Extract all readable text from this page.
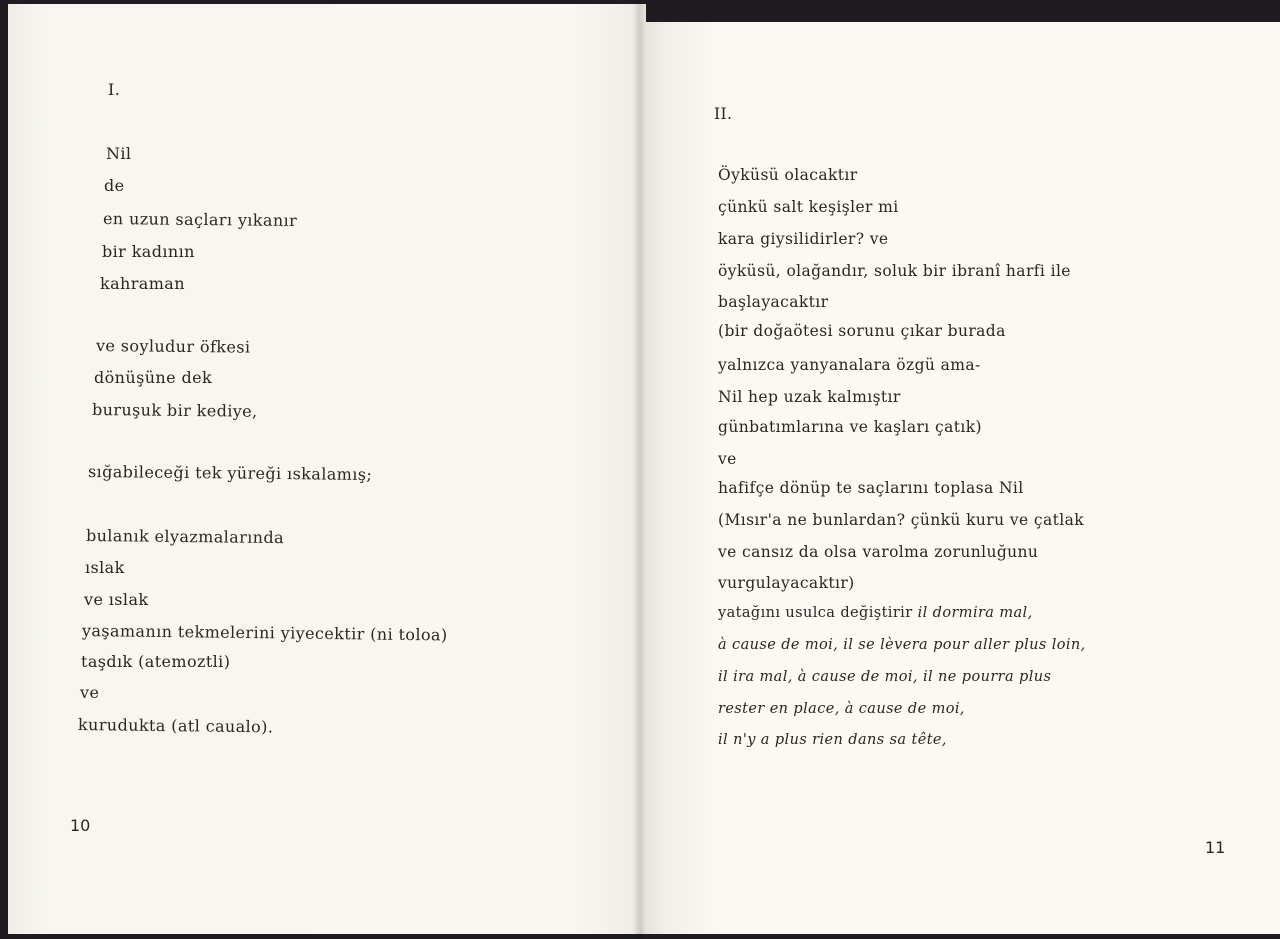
I.
Nil
de
en uzun saçları yıkanır
bir kadının
kahraman
ve soyludur öfkesi
dönüşüne dek
buruşuk bir kediye,
sığabileceği tek yüreği ıskalamış;
bulanık elyazmalarında
ıslak
ve ıslak
yaşamanın tekmelerini yiyecektir (ni toloa)
taşdık (atemoztli)
ve
kurudukta (atl caualo).
10
II.
Öyküsü olacaktır
çünkü salt keşişler mi
kara giysilidirler? ve
öyküsü, olağandır, soluk bir ibranî harfi ile
başlayacaktır
(bir doğaötesi sorunu çıkar burada
yalnızca yanyanalara özgü ama-
Nil hep uzak kalmıştır
günbatımlarına ve kaşları çatık)
ve
hafifçe dönüp te saçlarını toplasa Nil
(Mısır'a ne bunlardan? çünkü kuru ve çatlak
ve cansız da olsa varolma zorunluğunu
vurgulayacaktır)
yatağını usulca değiştirir il dormira mal,
à cause de moi, il se lèvera pour aller plus loin,
il ira mal, à cause de moi, il ne pourra plus
rester en place, à cause de moi,
il n'y a plus rien dans sa tête,
11
